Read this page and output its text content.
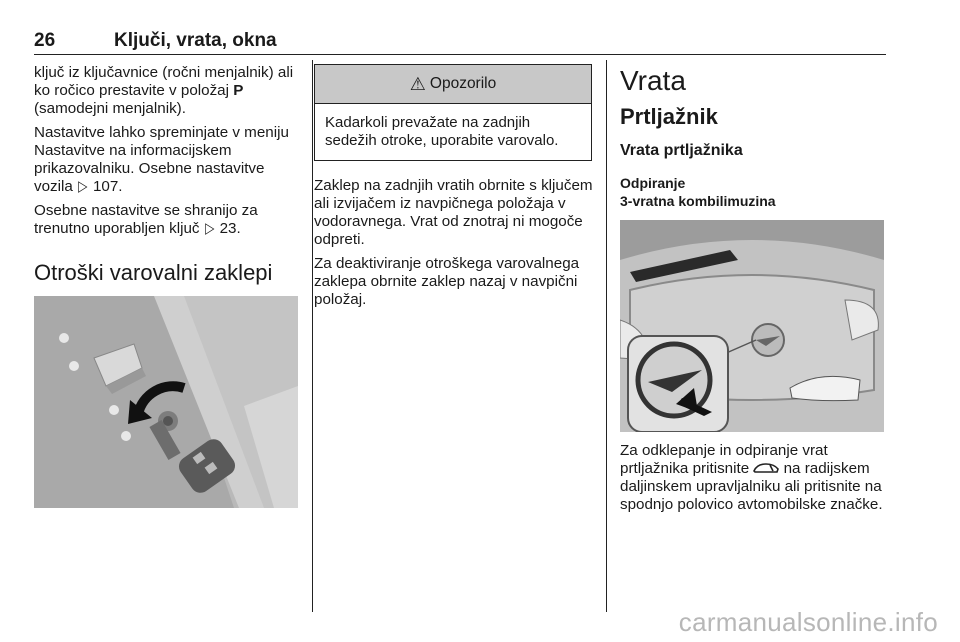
26	Ključi, vrata, okna

ključ iz ključavnice (ročni menjalnik) ali ko ročico prestavite v položaj P (samodejni menjalnik).

Nastavitve lahko spreminjate v meniju Nastavitve na informacijskem prikazovalniku. Osebne nastavitve vozila ▷ 107.

Osebne nastavitve se shranijo za trenutno uporabljen ključ ▷ 23.

Otroški varovalni zaklepi
⚠ Opozorilo
Kadarkoli prevažate na zadnjih sedežih otroke, uporabite varovalo.

Zaklep na zadnjih vratih obrnite s ključem ali izvijačem iz navpičnega položaja v vodoravnega. Vrat od znotraj ni mogoče odpreti.

Za deaktiviranje otroškega varovalnega zaklepa obrnite zaklep nazaj v navpični položaj.

Vrata
Prtljažnik
Vrata prtljažnika
Odpiranje
3-vratna kombilimuzina

Za odklepanje in odpiranje vrat prtljažnika pritisnite  na radijskem daljinskem upravljalniku ali pritisnite na spodnjo polovico avtomobilske značke.

carmanualsonline.info
